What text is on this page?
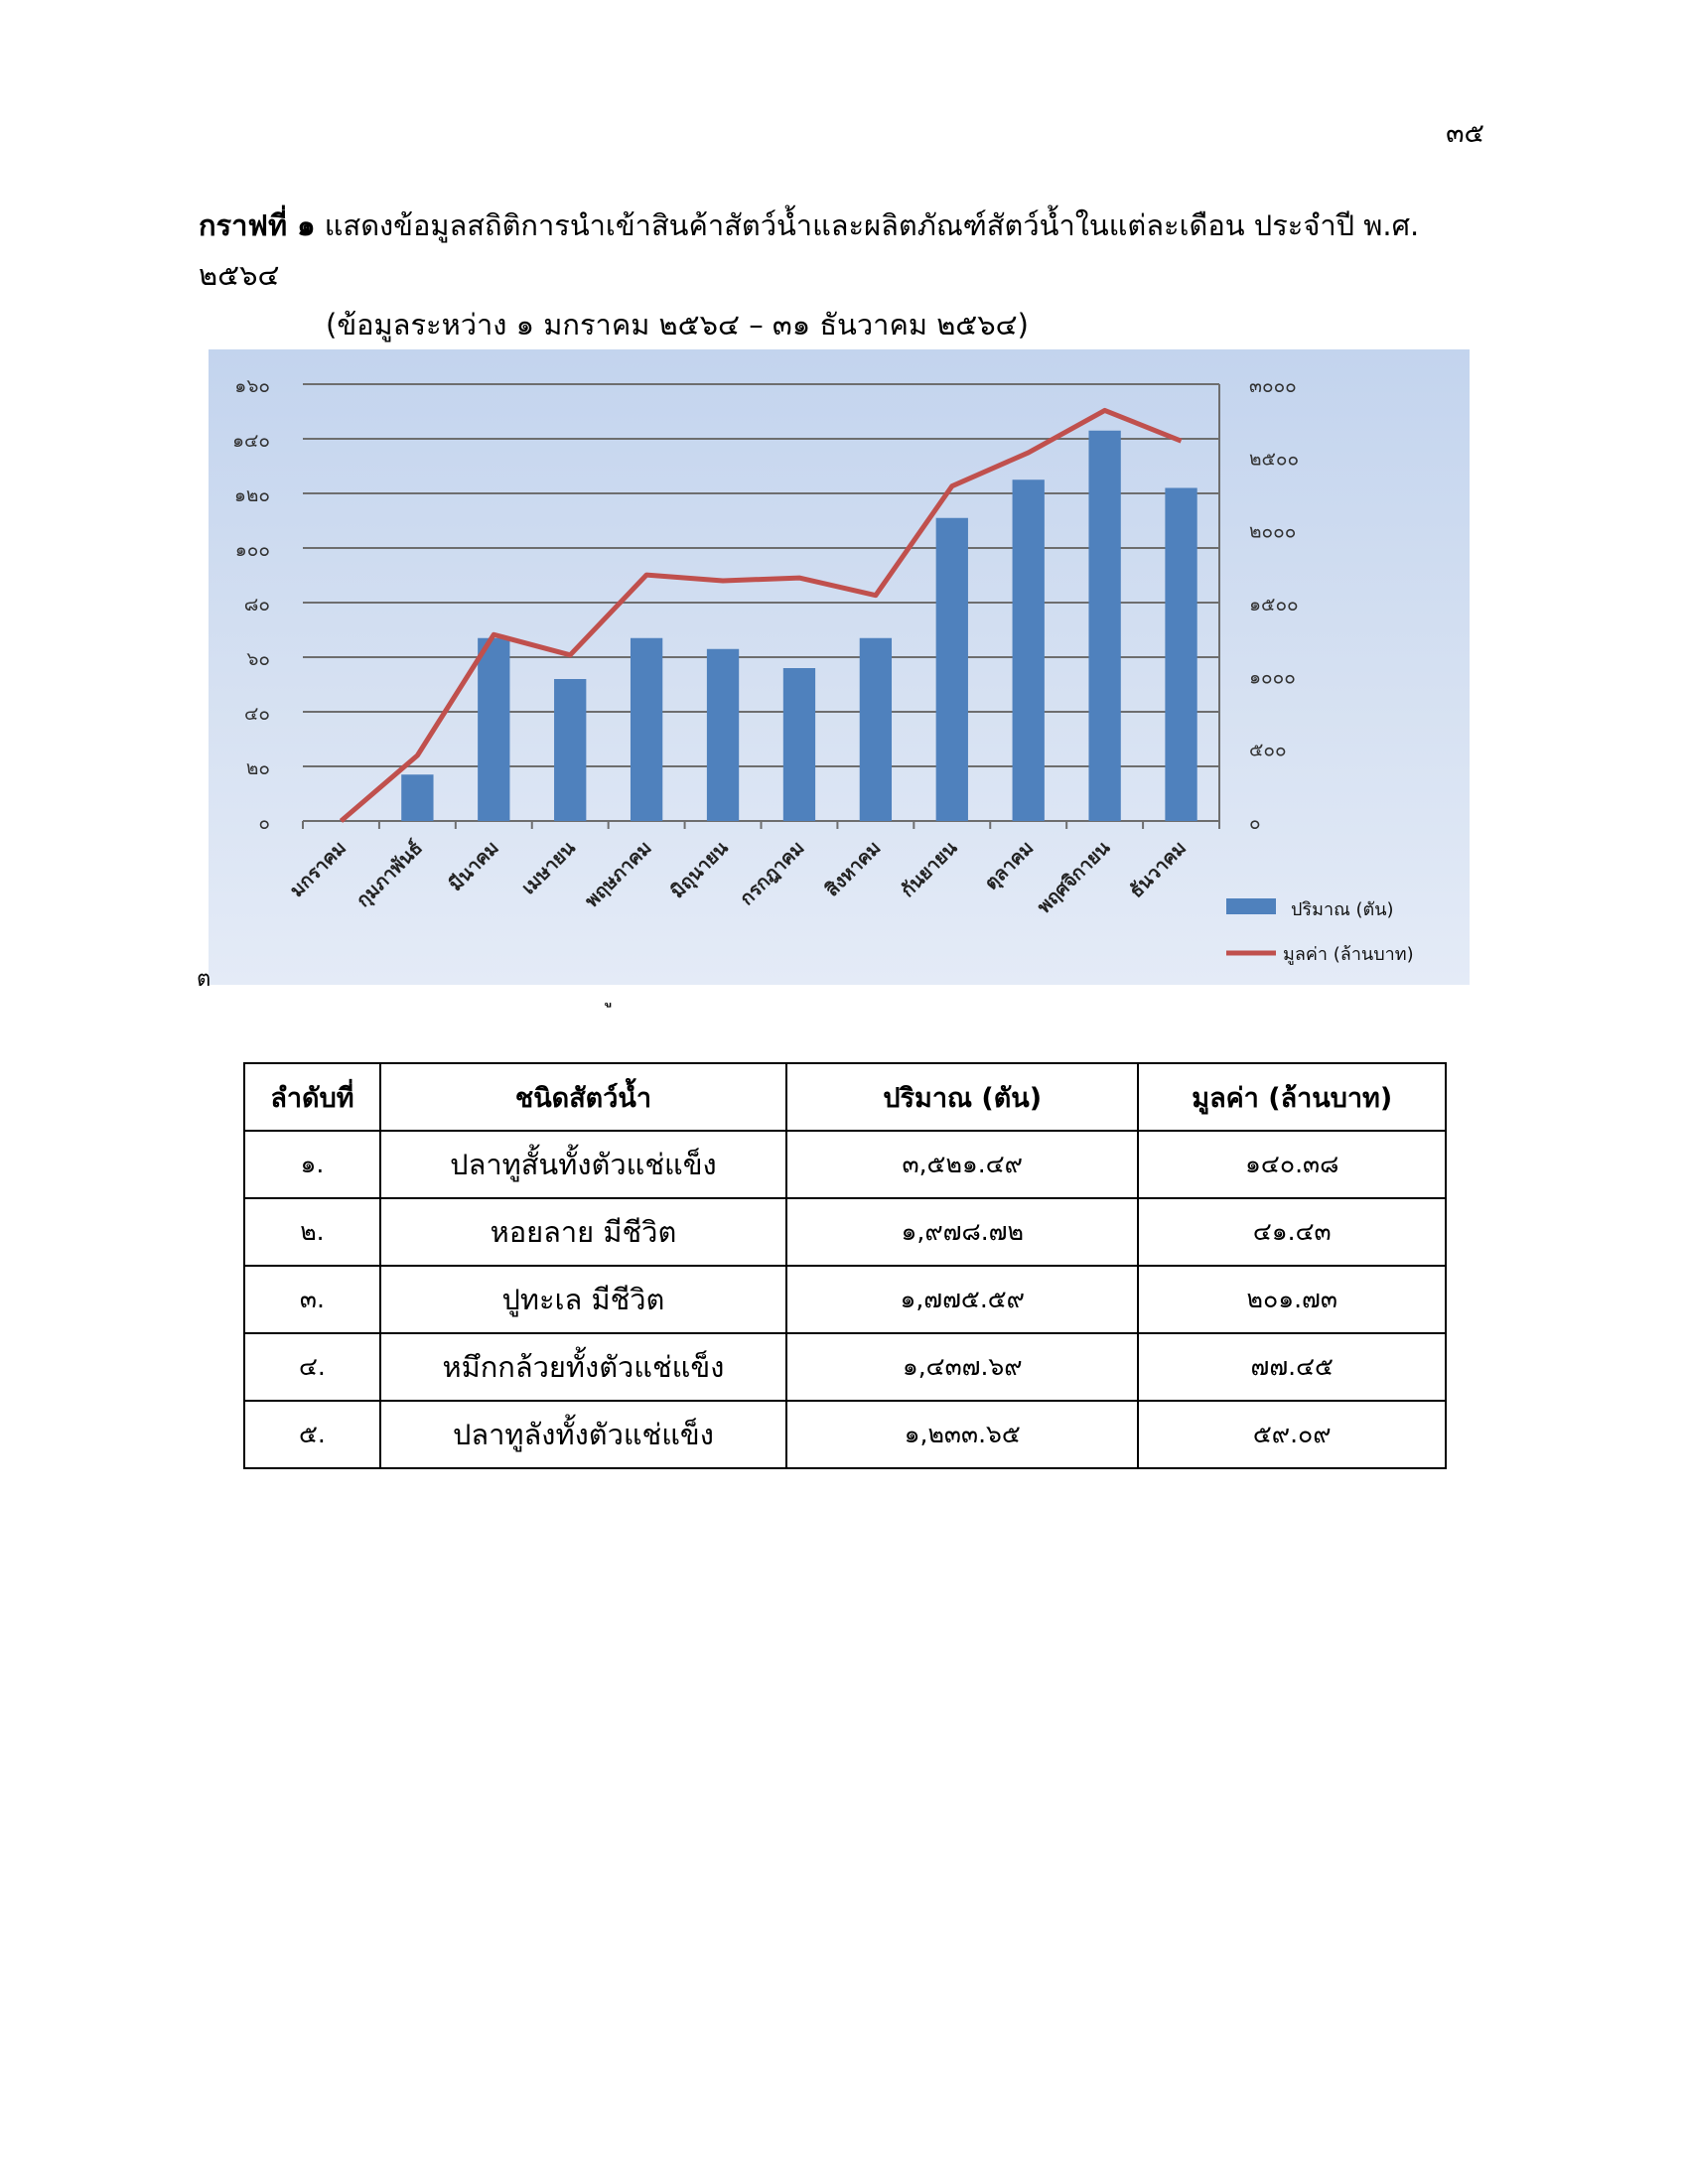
๓๕
กราฟที่ ๑ แสดงข้อมูลสถิติการนำเข้าสินค้าสัตว์น้ำและผลิตภัณฑ์สัตว์น้ำในแต่ละเดือน ประจำปี พ.ศ. ๒๕๖๔
(ข้อมูลระหว่าง ๑ มกราคม ๒๕๖๔ – ๓๑ ธันวาคม ๒๕๖๔)
๐
๒๐
๔๐
๖๐
๘๐
๑๐๐
๑๒๐
๑๔๐
๑๖๐
๐
๕๐๐
๑๐๐๐
๑๕๐๐
๒๐๐๐
๒๕๐๐
๓๐๐๐
มกราคม กุมภาพันธ์ มีนาคม เมษายน พฤษภาคม มิถุนายน กรกฎาคม สิงหาคม กันยายน ตุลาคม
พฤศจิกายน ธันวาคม
ปริมาณ (ตัน)
มูลค่า (ล้านบาท)
ต
ลำดับที่	ชนิดสัตว์น้ำ	ปริมาณ (ตัน)	มูลค่า (ล้านบาท)
๑.	ปลาทูสั้นทั้งตัวแช่แข็ง	๓,๕๒๑.๔๙	๑๔๐.๓๘
๒.	หอยลาย มีชีวิต	๑,๙๗๘.๗๒	๔๑.๔๓
๓.	ปูทะเล มีชีวิต	๑,๗๗๕.๕๙	๒๐๑.๗๓
๔.	หมึกกล้วยทั้งตัวแช่แข็ง	๑,๔๓๗.๖๙	๗๗.๔๕
๕.	ปลาทูลังทั้งตัวแช่แข็ง	๑,๒๓๓.๖๕	๕๙.๐๙
